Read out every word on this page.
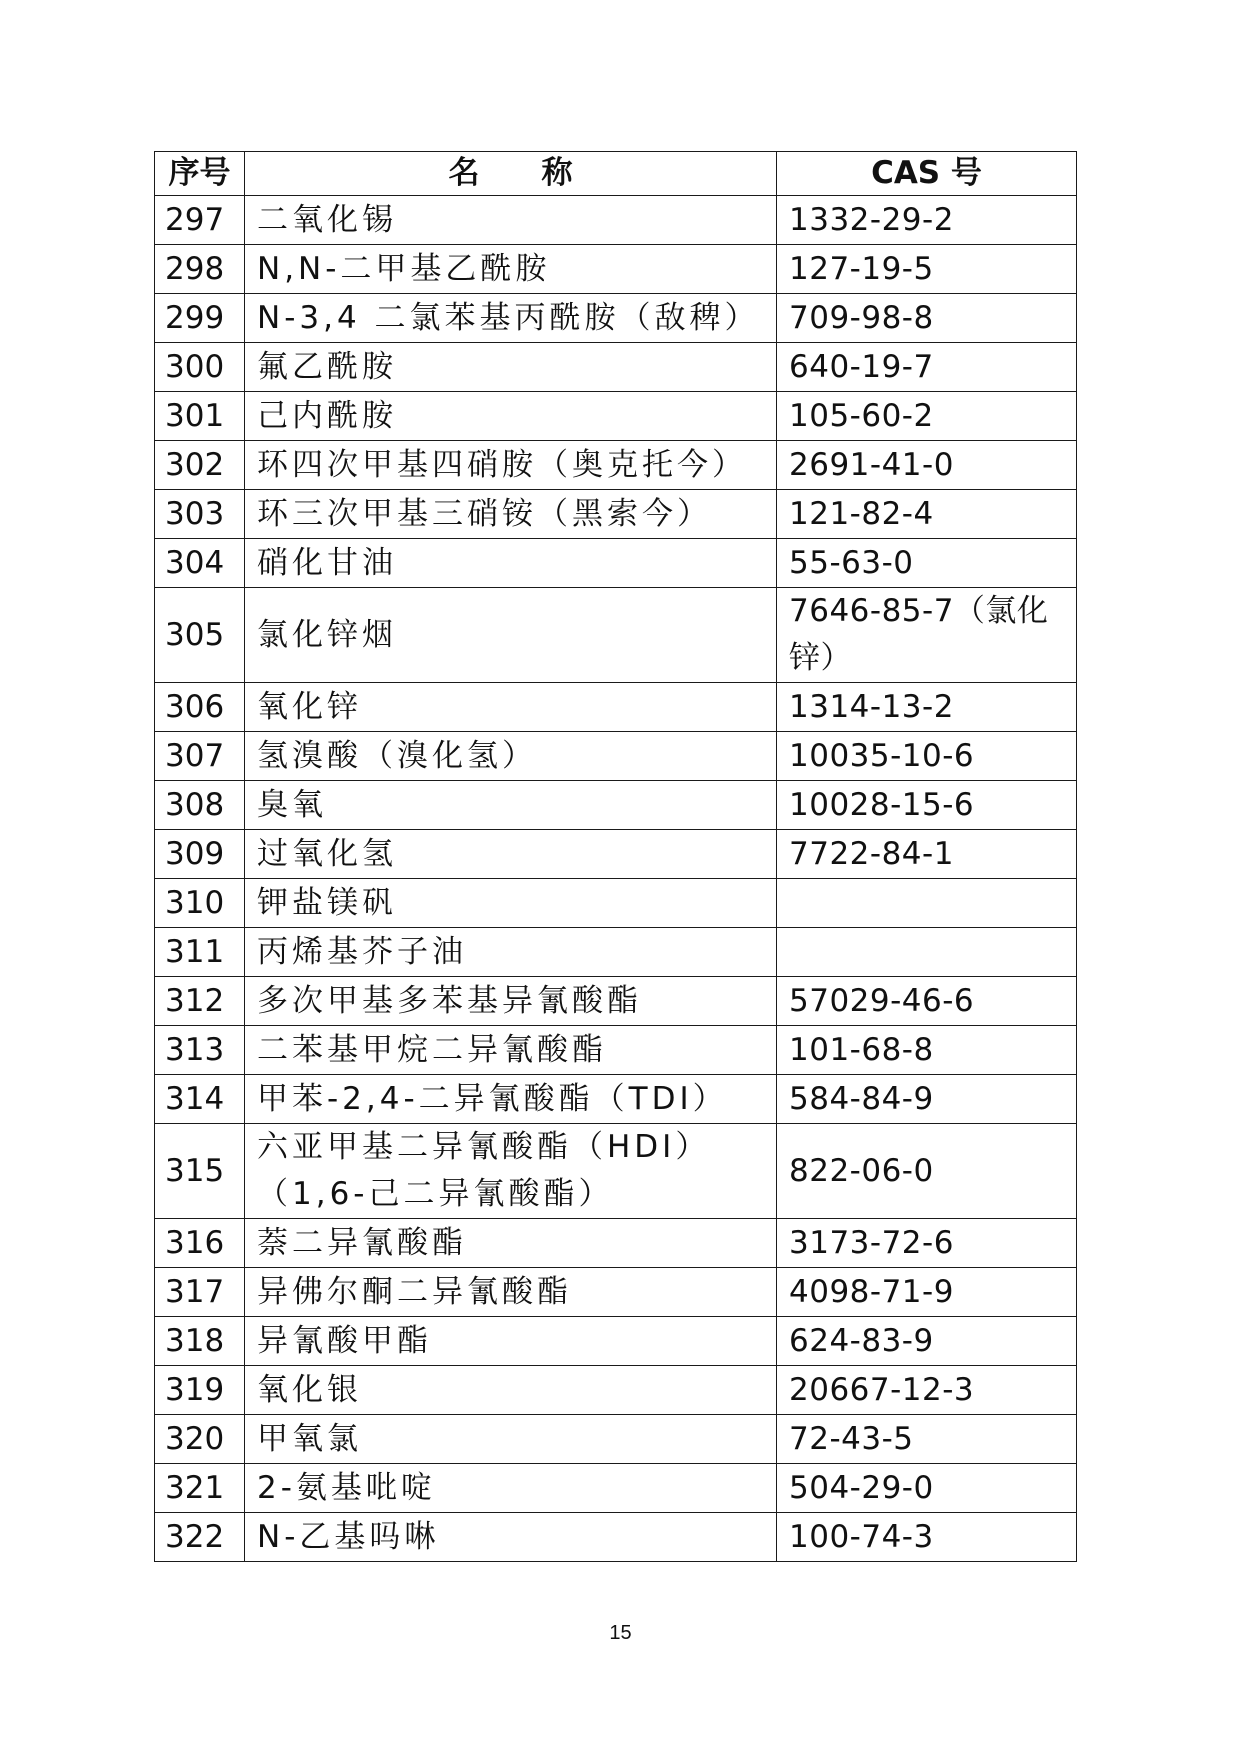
序号	名　　称	CAS 号
297	二氧化锡	1332-29-2
298	N,N-二甲基乙酰胺	127-19-5
299	N-3,4 二氯苯基丙酰胺（敌稗）	709-98-8
300	氟乙酰胺	640-19-7
301	己内酰胺	105-60-2
302	环四次甲基四硝胺（奥克托今）	2691-41-0
303	环三次甲基三硝铵（黑索今）	121-82-4
304	硝化甘油	55-63-0
305	氯化锌烟	7646-85-7（氯化锌）
306	氧化锌	1314-13-2
307	氢溴酸（溴化氢）	10035-10-6
308	臭氧	10028-15-6
309	过氧化氢	7722-84-1
310	钾盐镁矾	
311	丙烯基芥子油	
312	多次甲基多苯基异氰酸酯	57029-46-6
313	二苯基甲烷二异氰酸酯	101-68-8
314	甲苯-2,4-二异氰酸酯（TDI）	584-84-9
315	六亚甲基二异氰酸酯（HDI）（1,6-己二异氰酸酯）	822-06-0
316	萘二异氰酸酯	3173-72-6
317	异佛尔酮二异氰酸酯	4098-71-9
318	异氰酸甲酯	624-83-9
319	氧化银	20667-12-3
320	甲氧氯	72-43-5
321	2-氨基吡啶	504-29-0
322	N-乙基吗啉	100-74-3
15
